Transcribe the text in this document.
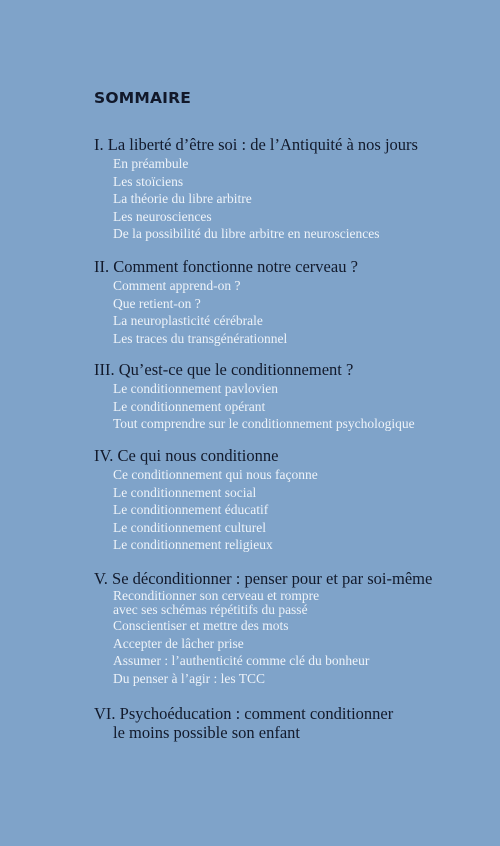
SOMMAIRE
I. La liberté d’être soi : de l’Antiquité à nos jours
En préambule
Les stoïciens
La théorie du libre arbitre
Les neurosciences
De la possibilité du libre arbitre en neurosciences
II. Comment fonctionne notre cerveau ?
Comment apprend-on ?
Que retient-on ?
La neuroplasticité cérébrale
Les traces du transgénérationnel
III. Qu’est-ce que le conditionnement ?
Le conditionnement pavlovien
Le conditionnement opérant
Tout comprendre sur le conditionnement psychologique
IV. Ce qui nous conditionne
Ce conditionnement qui nous façonne
Le conditionnement social
Le conditionnement éducatif
Le conditionnement culturel
Le conditionnement religieux
V. Se déconditionner : penser pour et par soi-même
Reconditionner son cerveau et rompre
avec ses schémas répétitifs du passé
Conscientiser et mettre des mots
Accepter de lâcher prise
Assumer : l’authenticité comme clé du bonheur
Du penser à l’agir : les TCC
VI. Psychoéducation : comment conditionner
le moins possible son enfant
